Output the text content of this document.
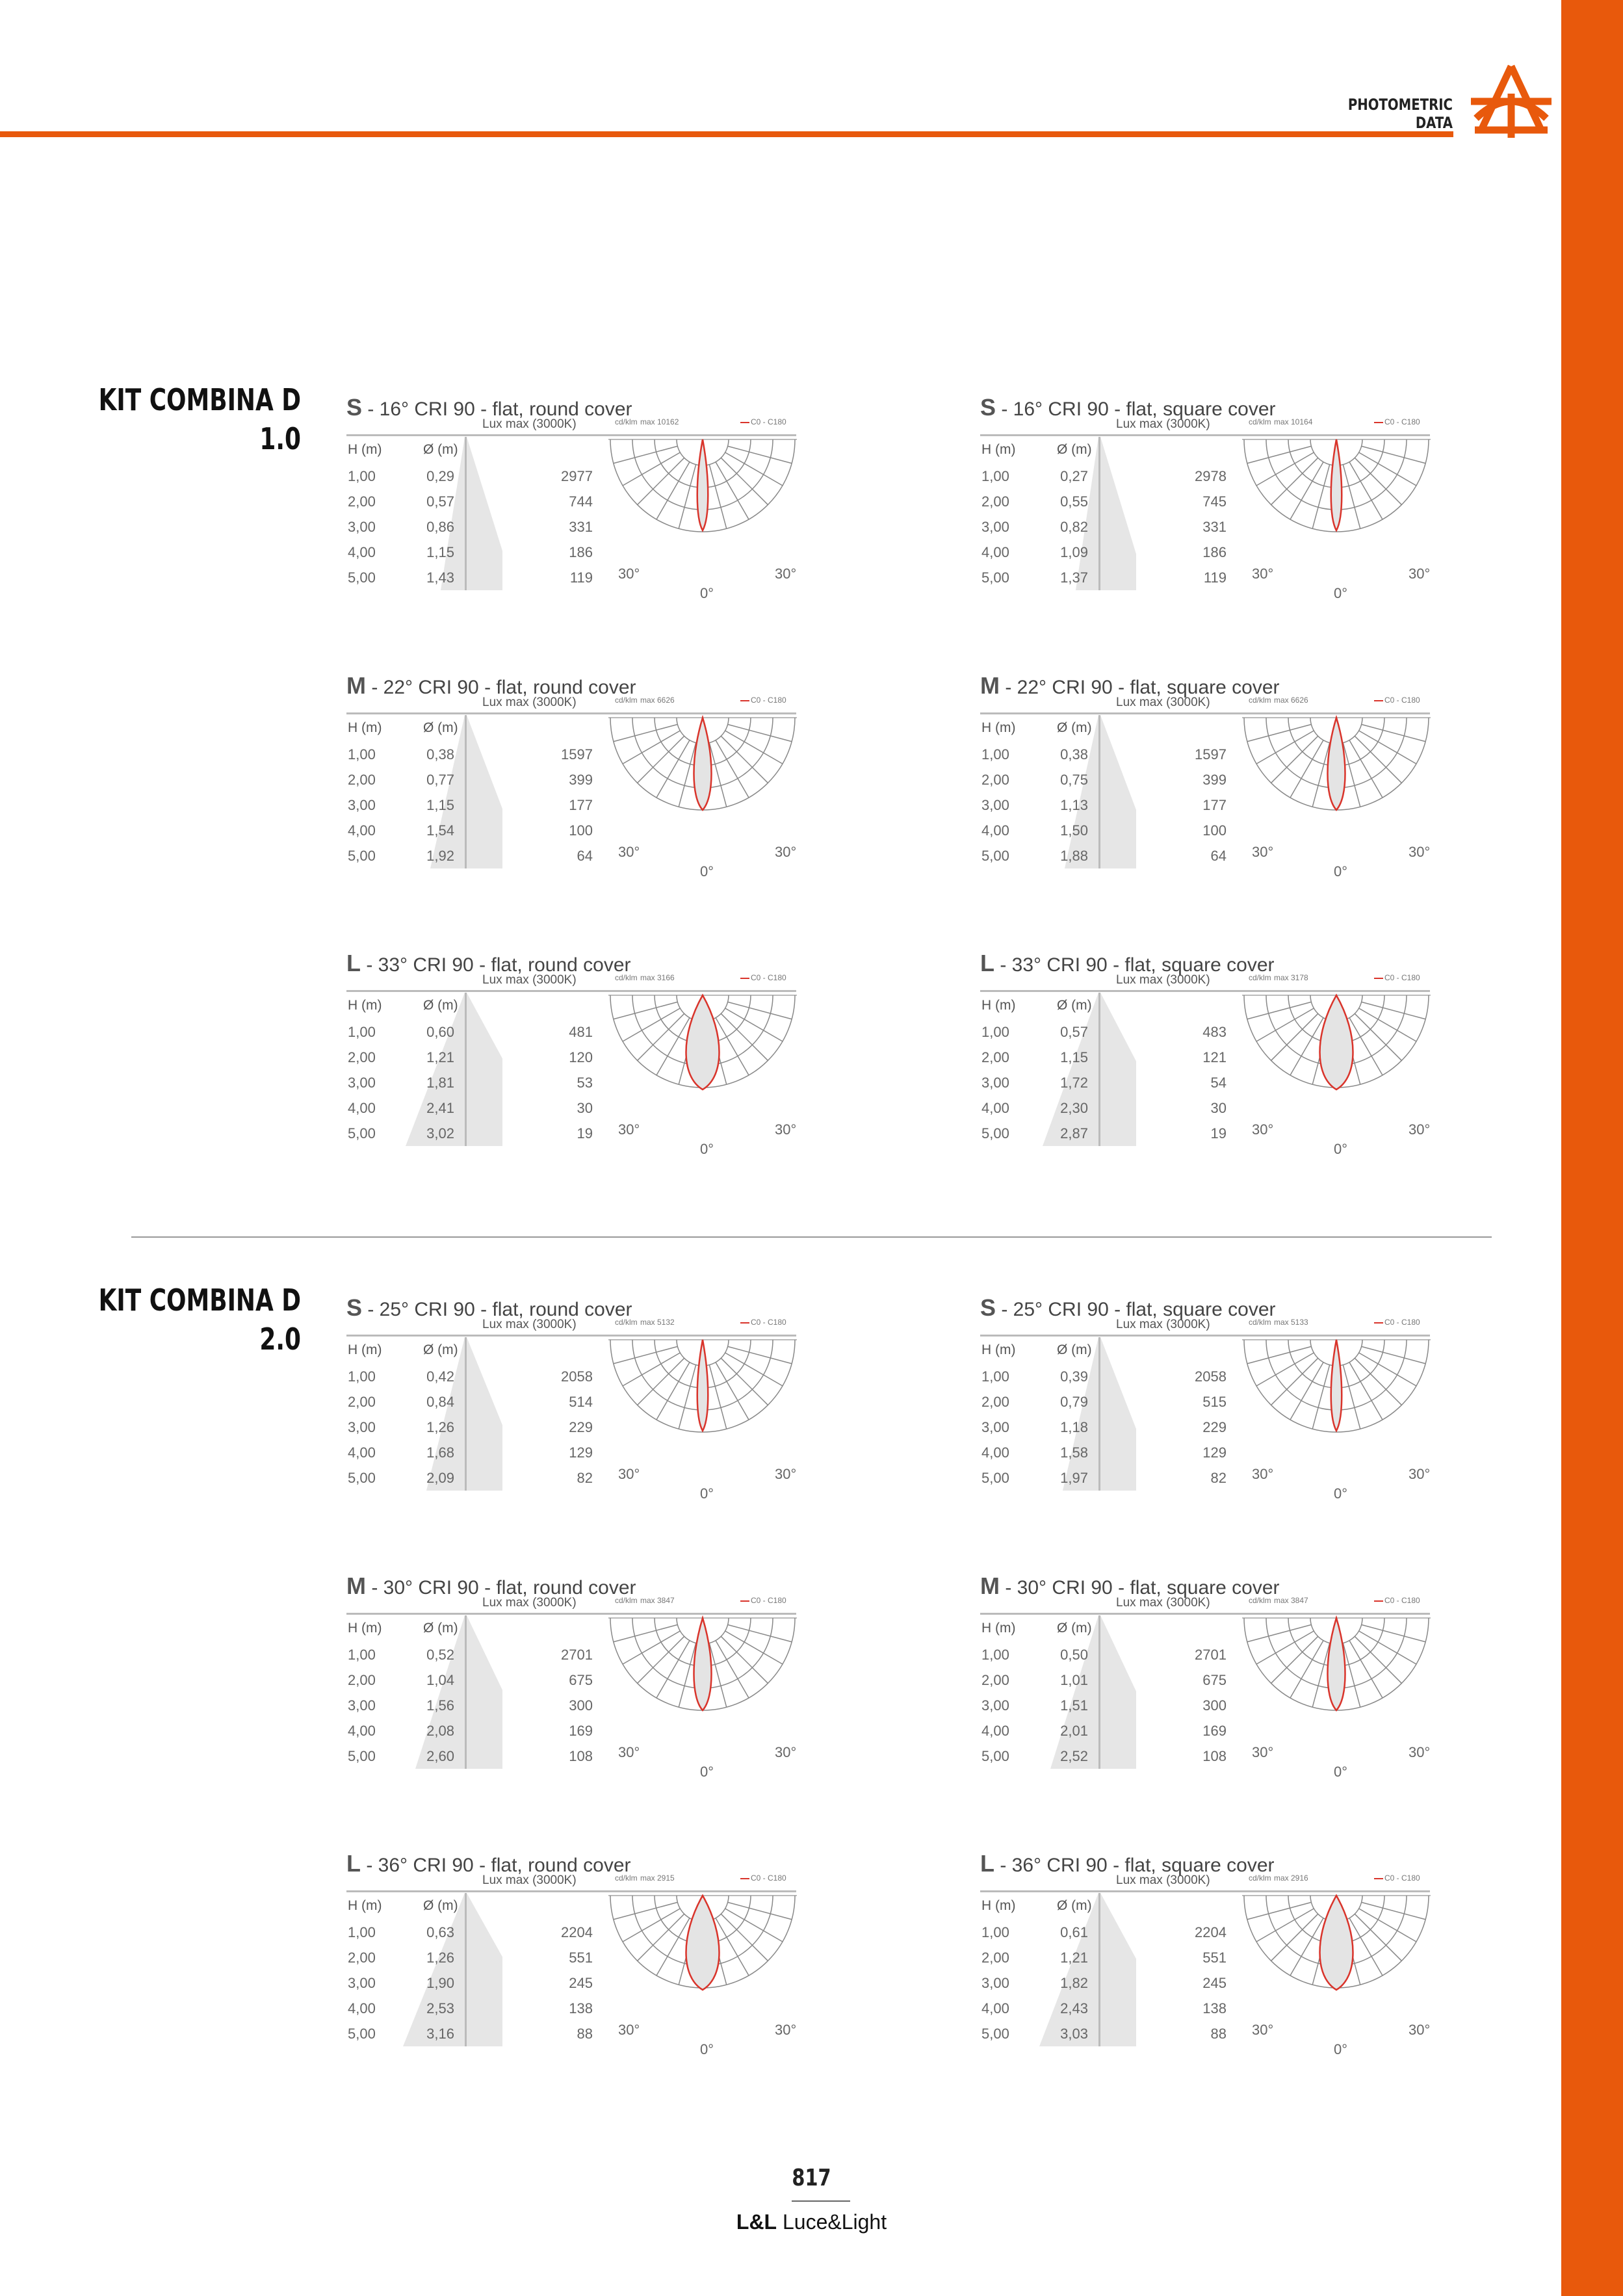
PHOTOMETRIC DATA
KIT COMBINA D
1.0
S - 16° CRI 90 - flat, round cover
Lux max (3000K)
H (m)	Ø (m)
1,00	0,29	2977
2,00	0,57	744
3,00	0,86	331
4,00	1,15	186
5,00	1,43	119
cd/klm max 10162	C0 - C180
30°	30°
0°
S - 16° CRI 90 - flat, square cover
Lux max (3000K)
H (m)	Ø (m)
1,00	0,27	2978
2,00	0,55	745
3,00	0,82	331
4,00	1,09	186
5,00	1,37	119
cd/klm max 10164	C0 - C180
30°	30°
0°
M - 22° CRI 90 - flat, round cover
Lux max (3000K)
H (m)	Ø (m)
1,00	0,38	1597
2,00	0,77	399
3,00	1,15	177
4,00	1,54	100
5,00	1,92	64
cd/klm max 6626	C0 - C180
30°	30°
0°
M - 22° CRI 90 - flat, square cover
Lux max (3000K)
H (m)	Ø (m)
1,00	0,38	1597
2,00	0,75	399
3,00	1,13	177
4,00	1,50	100
5,00	1,88	64
cd/klm max 6626	C0 - C180
30°	30°
0°
L - 33° CRI 90 - flat, round cover
Lux max (3000K)
H (m)	Ø (m)
1,00	0,60	481
2,00	1,21	120
3,00	1,81	53
4,00	2,41	30
5,00	3,02	19
cd/klm max 3166	C0 - C180
30°	30°
0°
L - 33° CRI 90 - flat, square cover
Lux max (3000K)
H (m)	Ø (m)
1,00	0,57	483
2,00	1,15	121
3,00	1,72	54
4,00	2,30	30
5,00	2,87	19
cd/klm max 3178	C0 - C180
30°	30°
0°
KIT COMBINA D
2.0
S - 25° CRI 90 - flat, round cover
Lux max (3000K)
H (m)	Ø (m)
1,00	0,42	2058
2,00	0,84	514
3,00	1,26	229
4,00	1,68	129
5,00	2,09	82
cd/klm max 5132	C0 - C180
30°	30°
0°
S - 25° CRI 90 - flat, square cover
Lux max (3000K)
H (m)	Ø (m)
1,00	0,39	2058
2,00	0,79	515
3,00	1,18	229
4,00	1,58	129
5,00	1,97	82
cd/klm max 5133	C0 - C180
30°	30°
0°
M - 30° CRI 90 - flat, round cover
Lux max (3000K)
H (m)	Ø (m)
1,00	0,52	2701
2,00	1,04	675
3,00	1,56	300
4,00	2,08	169
5,00	2,60	108
cd/klm max 3847	C0 - C180
30°	30°
0°
M - 30° CRI 90 - flat, square cover
Lux max (3000K)
H (m)	Ø (m)
1,00	0,50	2701
2,00	1,01	675
3,00	1,51	300
4,00	2,01	169
5,00	2,52	108
cd/klm max 3847	C0 - C180
30°	30°
0°
L - 36° CRI 90 - flat, round cover
Lux max (3000K)
H (m)	Ø (m)
1,00	0,63	2204
2,00	1,26	551
3,00	1,90	245
4,00	2,53	138
5,00	3,16	88
cd/klm max 2915	C0 - C180
30°	30°
0°
L - 36° CRI 90 - flat, square cover
Lux max (3000K)
H (m)	Ø (m)
1,00	0,61	2204
2,00	1,21	551
3,00	1,82	245
4,00	2,43	138
5,00	3,03	88
cd/klm max 2916	C0 - C180
30°	30°
0°
817
L&L Luce&Light
